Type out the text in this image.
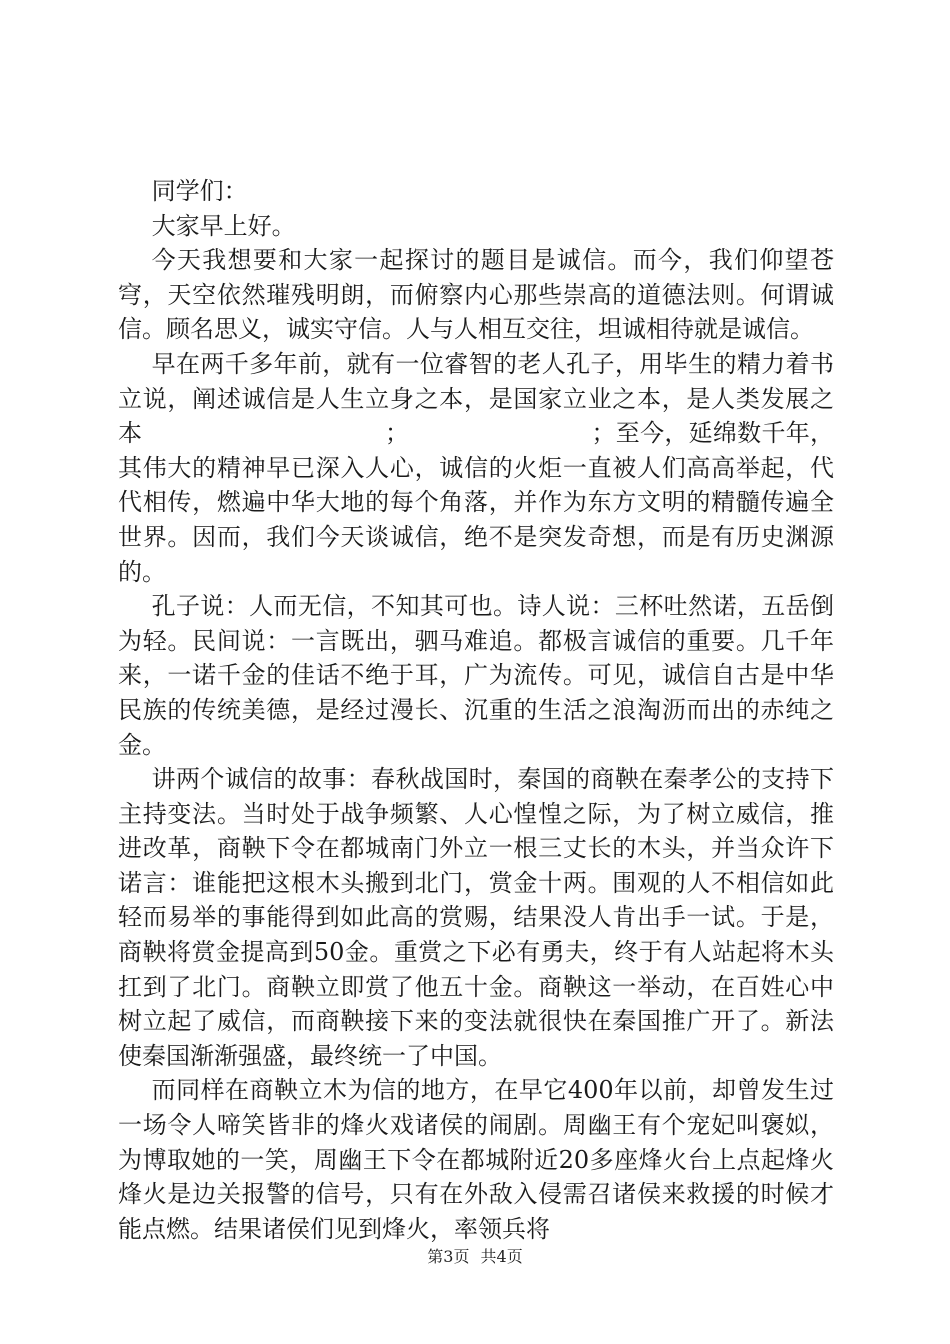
同学们：

大家早上好。

今天我想要和大家一起探讨的题目是诚信。而今，我们仰望苍穹，天空依然璀残明朗，而俯察内心那些崇高的道德法则。何谓诚信。顾名思义，诚实守信。人与人相互交往，坦诚相待就是诚信。

早在两千多年前，就有一位睿智的老人孔子，用毕生的精力着书立说，阐述诚信是人生立身之本，是国家立业之本，是人类发展之本　　　　　　　　　　；　　　　　　　　；至今，延绵数千年，其伟大的精神早已深入人心，诚信的火炬一直被人们高高举起，代代相传，燃遍中华大地的每个角落，并作为东方文明的精髓传遍全世界。因而，我们今天谈诚信，绝不是突发奇想，而是有历史渊源的。

孔子说：人而无信，不知其可也。诗人说：三杯吐然诺，五岳倒为轻。民间说：一言既出，驷马难追。都极言诚信的重要。几千年来，一诺千金的佳话不绝于耳，广为流传。可见，诚信自古是中华民族的传统美德，是经过漫长、沉重的生活之浪淘沥而出的赤纯之金。

讲两个诚信的故事：春秋战国时，秦国的商鞅在秦孝公的支持下主持变法。当时处于战争频繁、人心惶惶之际，为了树立威信，推进改革，商鞅下令在都城南门外立一根三丈长的木头，并当众许下诺言：谁能把这根木头搬到北门，赏金十两。围观的人不相信如此轻而易举的事能得到如此高的赏赐，结果没人肯出手一试。于是，商鞅将赏金提高到50金。重赏之下必有勇夫，终于有人站起将木头扛到了北门。商鞅立即赏了他五十金。商鞅这一举动，在百姓心中树立起了威信，而商鞅接下来的变法就很快在秦国推广开了。新法使秦国渐渐强盛，最终统一了中国。

而同样在商鞅立木为信的地方，在早它400年以前，却曾发生过一场令人啼笑皆非的烽火戏诸侯的闹剧。周幽王有个宠妃叫褒姒，为博取她的一笑，周幽王下令在都城附近20多座烽火台上点起烽火烽火是边关报警的信号，只有在外敌入侵需召诸侯来救援的时候才能点燃。结果诸侯们见到烽火，率领兵将

第3页 共4页
